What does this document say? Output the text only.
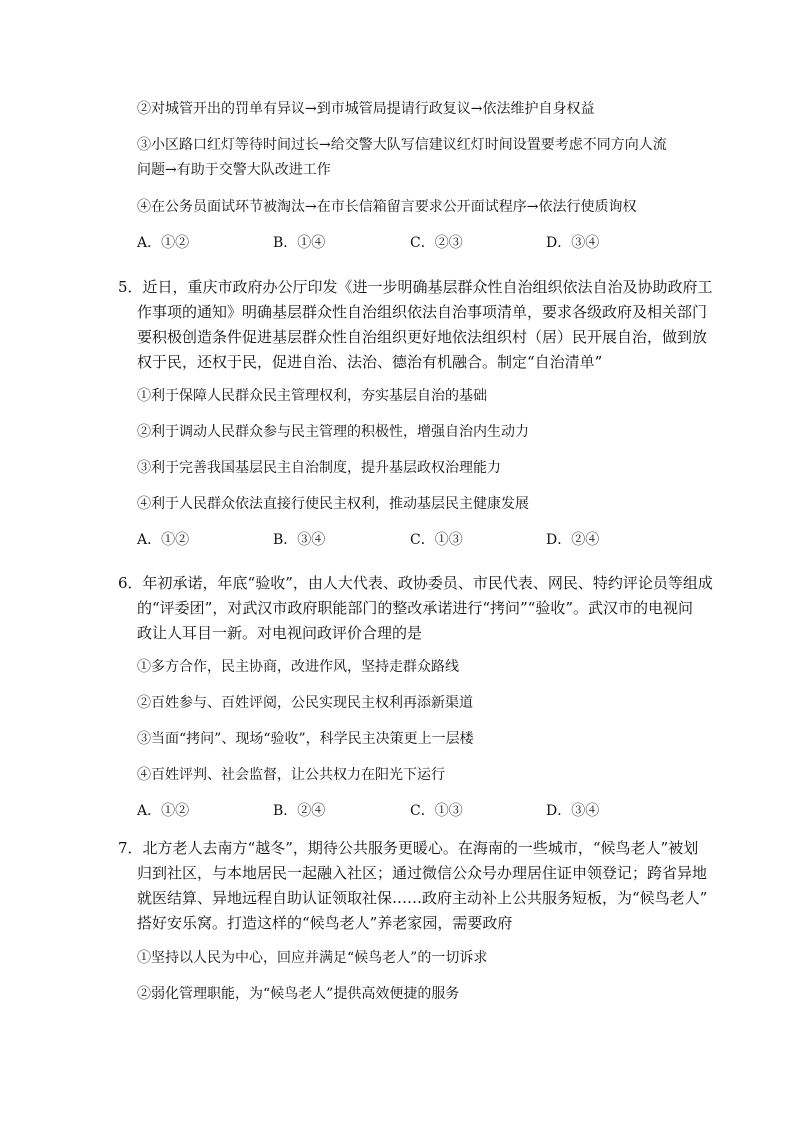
②对城管开出的罚单有异议→到市城管局提请行政复议→依法维护自身权益
③小区路口红灯等待时间过长→给交警大队写信建议红灯时间设置要考虑不同方向人流
问题→有助于交警大队改进工作
④在公务员面试环节被淘汰→在市长信箱留言要求公开面试程序→依法行使质询权
A．①②	B．①④	C．②③	D．③④
5．近日，重庆市政府办公厅印发《进一步明确基层群众性自治组织依法自治及协助政府工
作事项的通知》明确基层群众性自治组织依法自治事项清单，要求各级政府及相关部门
要积极创造条件促进基层群众性自治组织更好地依法组织村（居）民开展自治，做到放
权于民，还权于民，促进自治、法治、德治有机融合。制定“自治清单”
①利于保障人民群众民主管理权利，夯实基层自治的基础
②利于调动人民群众参与民主管理的积极性，增强自治内生动力
③利于完善我国基层民主自治制度，提升基层政权治理能力
④利于人民群众依法直接行使民主权利，推动基层民主健康发展
A．①②	B．③④	C．①③	D．②④
6．年初承诺，年底“验收”，由人大代表、政协委员、市民代表、网民、特约评论员等组成
的“评委团”，对武汉市政府职能部门的整改承诺进行“拷问”“验收”。武汉市的电视问
政让人耳目一新。对电视问政评价合理的是
①多方合作，民主协商，改进作风，坚持走群众路线
②百姓参与、百姓评阅，公民实现民主权利再添新渠道
③当面“拷问”、现场“验收”，科学民主决策更上一层楼
④百姓评判、社会监督，让公共权力在阳光下运行
A．①②	B．②④	C．①③	D．③④
7．北方老人去南方“越冬”，期待公共服务更暖心。在海南的一些城市，“候鸟老人”被划
归到社区，与本地居民一起融入社区；通过微信公众号办理居住证申领登记；跨省异地
就医结算、异地远程自助认证领取社保……政府主动补上公共服务短板，为“候鸟老人”
搭好安乐窝。打造这样的“候鸟老人”养老家园，需要政府
①坚持以人民为中心，回应并满足“候鸟老人”的一切诉求
②弱化管理职能，为“候鸟老人”提供高效便捷的服务
